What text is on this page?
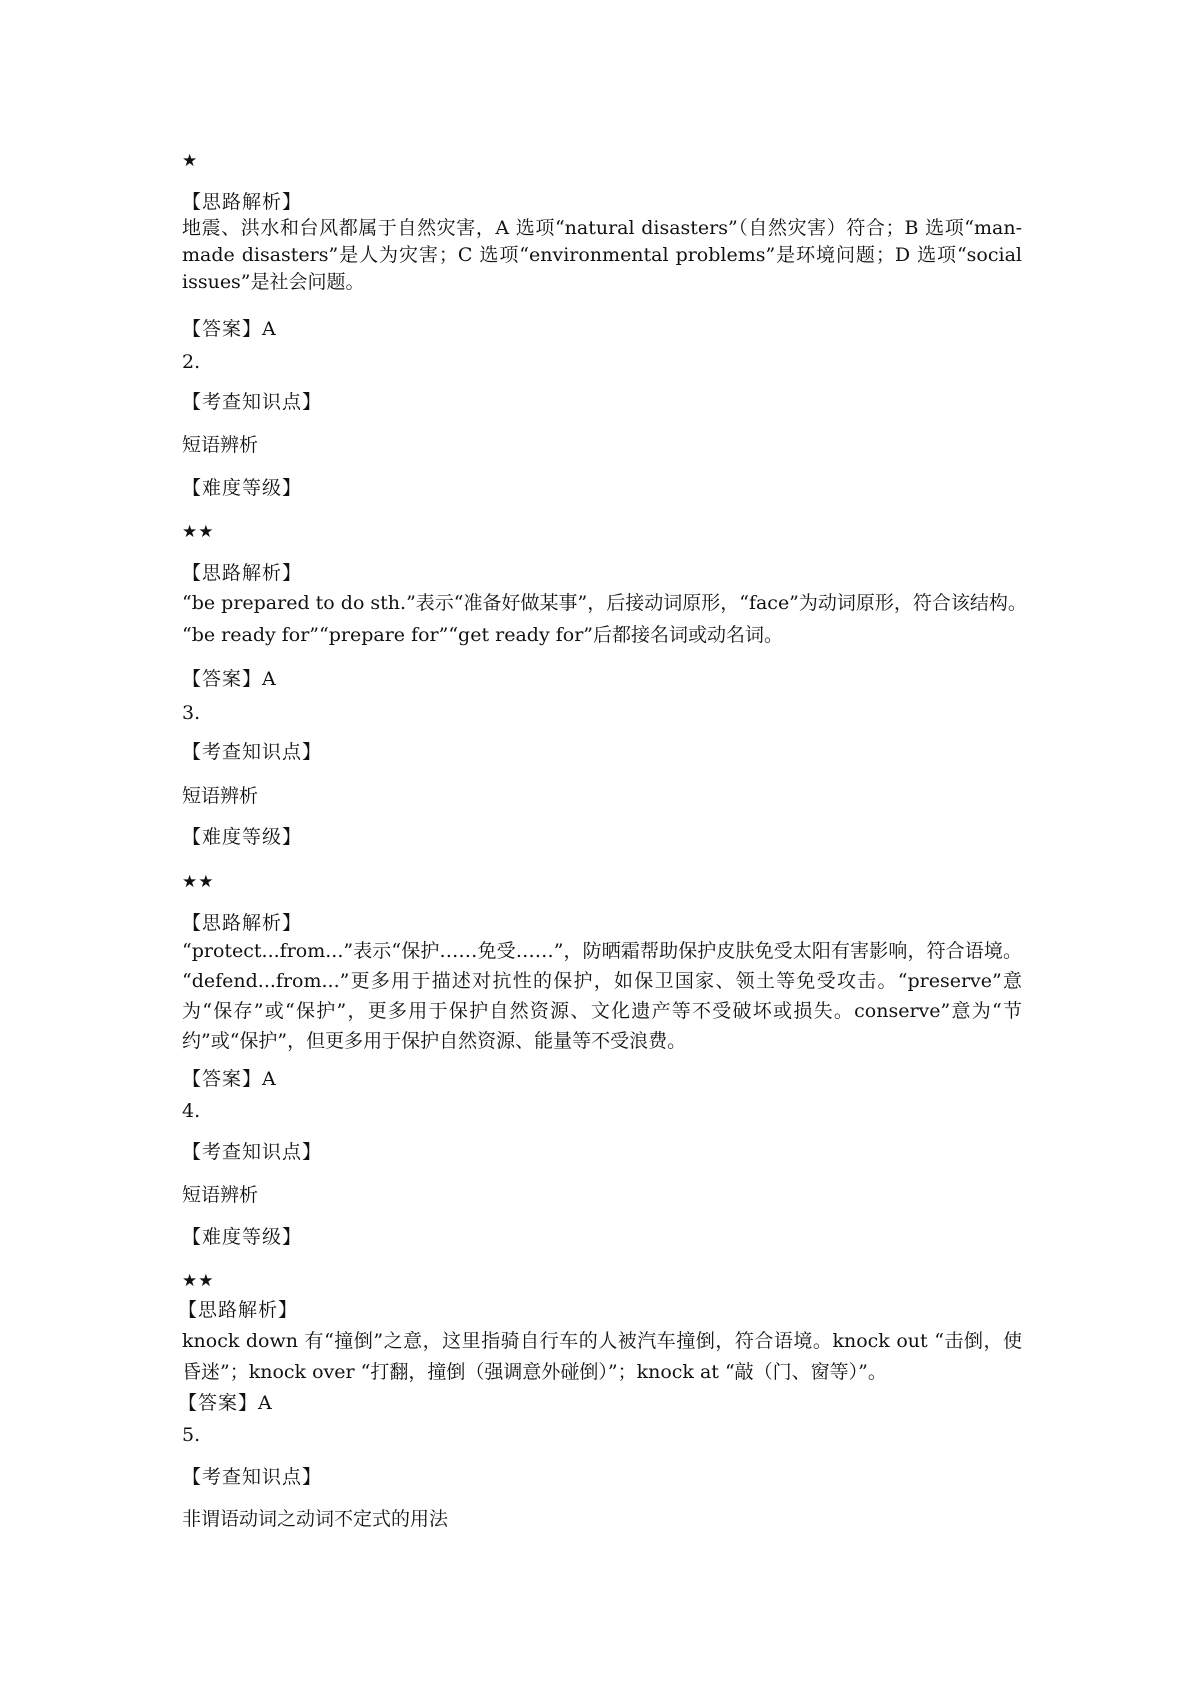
★
【思路解析】
地震、洪水和台风都属于自然灾害，A 选项“natural disasters”（自然灾害）符合；B 选项“man-made disasters”是人为灾害；C 选项“environmental problems”是环境问题；D 选项“social issues”是社会问题。
【答案】A
2.
【考查知识点】
短语辨析
【难度等级】
★★
【思路解析】
“be prepared to do sth.”表示“准备好做某事”，后接动词原形，“face”为动词原形，符合该结构。
“be ready for”“prepare for”“get ready for”后都接名词或动名词。
【答案】A
3.
【考查知识点】
短语辨析
【难度等级】
★★
【思路解析】
“protect...from...”表示“保护……免受……”，防晒霜帮助保护皮肤免受太阳有害影响，符合语境。 “defend...from...”更多用于描述对抗性的保护，如保卫国家、领土等免受攻击。“preserve”意为“保存”或“保护”，更多用于保护自然资源、文化遗产等不受破坏或损失。conserve”意为“节约”或“保护”，但更多用于保护自然资源、能量等不受浪费。
【答案】A
4.
【考查知识点】
短语辨析
【难度等级】
★★
【思路解析】
knock down 有“撞倒”之意，这里指骑自行车的人被汽车撞倒，符合语境。knock out “击倒，使昏迷”；knock over “打翻，撞倒（强调意外碰倒）”；knock at “敲（门、窗等）”。
【答案】A
5.
【考查知识点】
非谓语动词之动词不定式的用法
